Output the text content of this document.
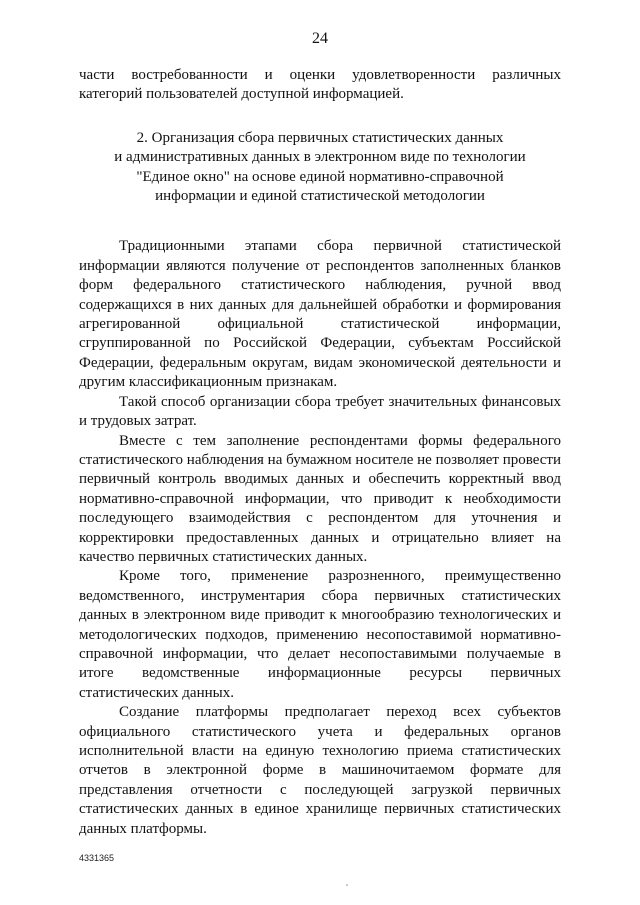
24

части востребованности и оценки удовлетворенности различных категорий пользователей доступной информацией.

2. Организация сбора первичных статистических данных
и административных данных в электронном виде по технологии
"Единое окно" на основе единой нормативно-справочной
информации и единой статистической методологии

Традиционными этапами сбора первичной статистической информации являются получение от респондентов заполненных бланков форм федерального статистического наблюдения, ручной ввод содержащихся в них данных для дальнейшей обработки и формирования агрегированной официальной статистической информации, сгруппированной по Российской Федерации, субъектам Российской Федерации, федеральным округам, видам экономической деятельности и другим классификационным признакам.

Такой способ организации сбора требует значительных финансовых и трудовых затрат.

Вместе с тем заполнение респондентами формы федерального статистического наблюдения на бумажном носителе не позволяет провести первичный контроль вводимых данных и обеспечить корректный ввод нормативно-справочной информации, что приводит к необходимости последующего взаимодействия с респондентом для уточнения и корректировки предоставленных данных и отрицательно влияет на качество первичных статистических данных.

Кроме того, применение разрозненного, преимущественно ведомственного, инструментария сбора первичных статистических данных в электронном виде приводит к многообразию технологических и методологических подходов, применению несопоставимой нормативно-справочной информации, что делает несопоставимыми получаемые в итоге ведомственные информационные ресурсы первичных статистических данных.

Создание платформы предполагает переход всех субъектов официального статистического учета и федеральных органов исполнительной власти на единую технологию приема статистических отчетов в электронной форме в машиночитаемом формате для представления отчетности с последующей загрузкой первичных статистических данных в единое хранилище первичных статистических данных платформы.

4331365
